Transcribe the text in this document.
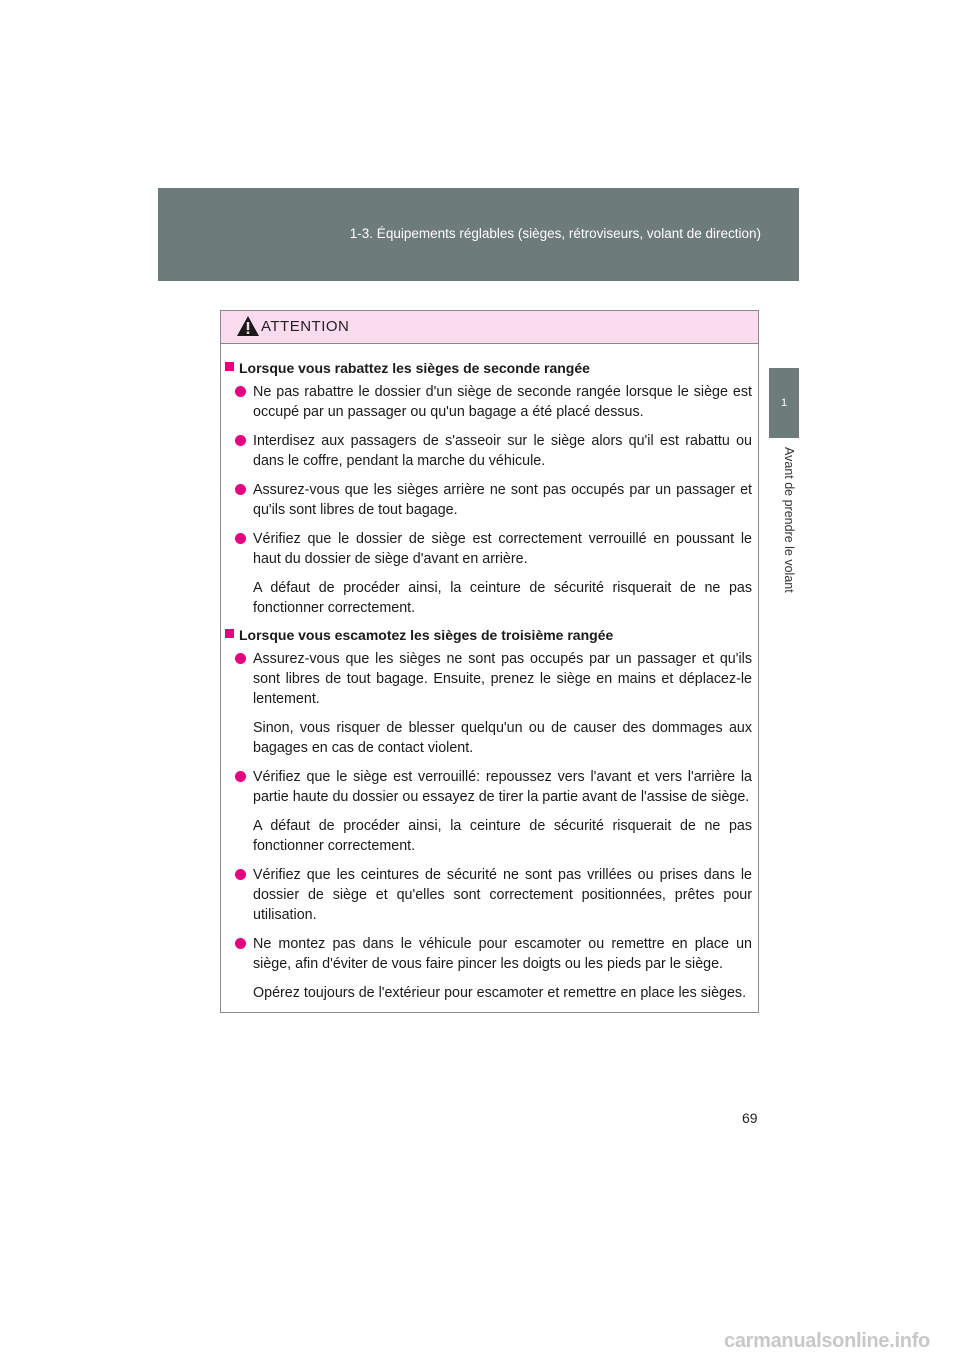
1-3. Équipements réglables (sièges, rétroviseurs, volant de direction)
1
Avant de prendre le volant
ATTENTION
Lorsque vous rabattez les sièges de seconde rangée
Ne pas rabattre le dossier d'un siège de seconde rangée lorsque le siège est occupé par un passager ou qu'un bagage a été placé dessus.
Interdisez aux passagers de s'asseoir sur le siège alors qu'il est rabattu ou dans le coffre, pendant la marche du véhicule.
Assurez-vous que les sièges arrière ne sont pas occupés par un passager et qu'ils sont libres de tout bagage.
Vérifiez que le dossier de siège est correctement verrouillé en poussant le haut du dossier de siège d'avant en arrière.
A défaut de procéder ainsi, la ceinture de sécurité risquerait de ne pas fonctionner correctement.
Lorsque vous escamotez les sièges de troisième rangée
Assurez-vous que les sièges ne sont pas occupés par un passager et qu'ils sont libres de tout bagage. Ensuite, prenez le siège en mains et déplacez-le lentement.
Sinon, vous risquer de blesser quelqu'un ou de causer des dommages aux bagages en cas de contact violent.
Vérifiez que le siège est verrouillé: repoussez vers l'avant et vers l'arrière la partie haute du dossier ou essayez de tirer la partie avant de l'assise de siège.
A défaut de procéder ainsi, la ceinture de sécurité risquerait de ne pas fonctionner correctement.
Vérifiez que les ceintures de sécurité ne sont pas vrillées ou prises dans le dossier de siège et qu'elles sont correctement positionnées, prêtes pour utilisation.
Ne montez pas dans le véhicule pour escamoter ou remettre en place un siège, afin d'éviter de vous faire pincer les doigts ou les pieds par le siège.
Opérez toujours de l'extérieur pour escamoter et remettre en place les sièges.
69
carmanualsonline.info
